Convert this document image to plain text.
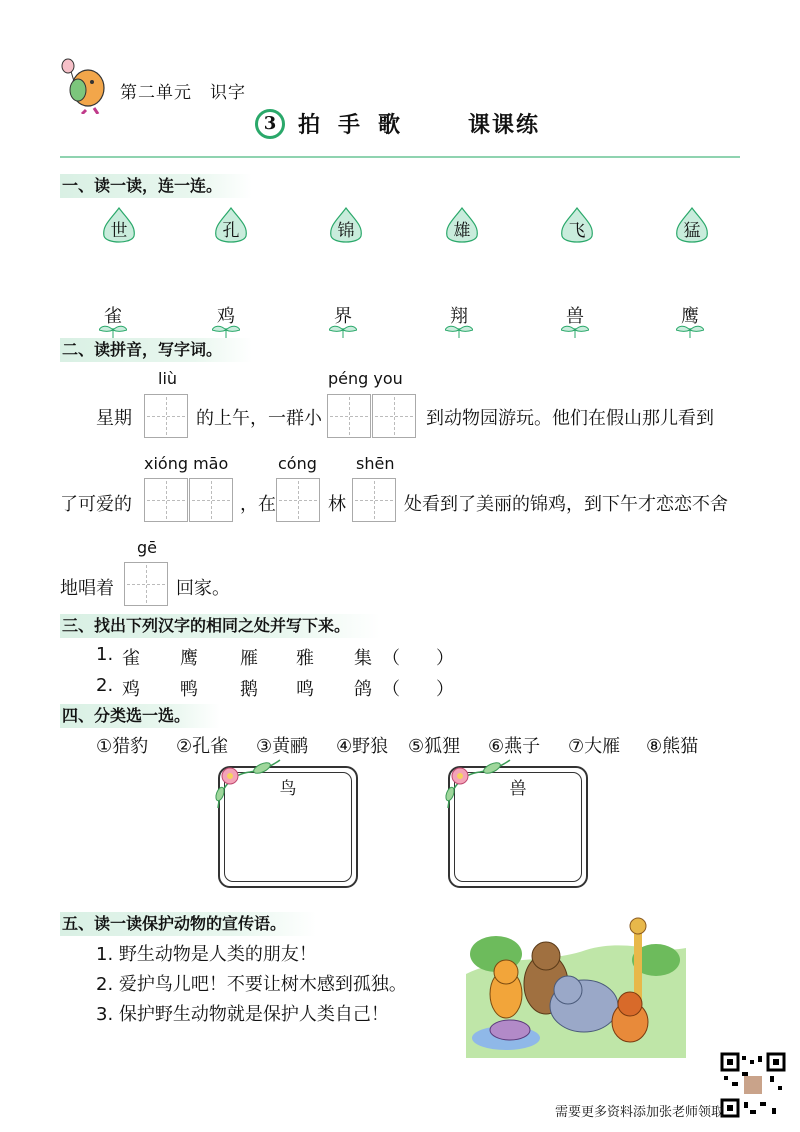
第二单元　识字
3 拍手歌 课课练
一、读一读，连一连。
世	孔	锦	雄	飞	猛
雀	鸡	界	翔	兽	鹰
二、读拼音，写字词。
星期
liù
的上午，一群小
péng you
到动物园游玩。他们在假山那儿看到
了可爱的
xióng māo
，在
cóng
林
shēn
处看到了美丽的锦鸡，到下午才恋恋不舍
地唱着
gē
回家。
三、找出下列汉字的相同之处并写下来。
1. 雀 鹰 雁 雅 集 （　　）
2. 鸡 鸭 鹅 鸣 鸽 （　　）
四、分类选一选。
①猎豹 ②孔雀 ③黄鹂 ④野狼 ⑤狐狸 ⑥燕子 ⑦大雁 ⑧熊猫
鸟	兽
五、读一读保护动物的宣传语。
1. 野生动物是人类的朋友！
2. 爱护鸟儿吧！不要让树木感到孤独。
3. 保护野生动物就是保护人类自己！
需要更多资料添加张老师领取
